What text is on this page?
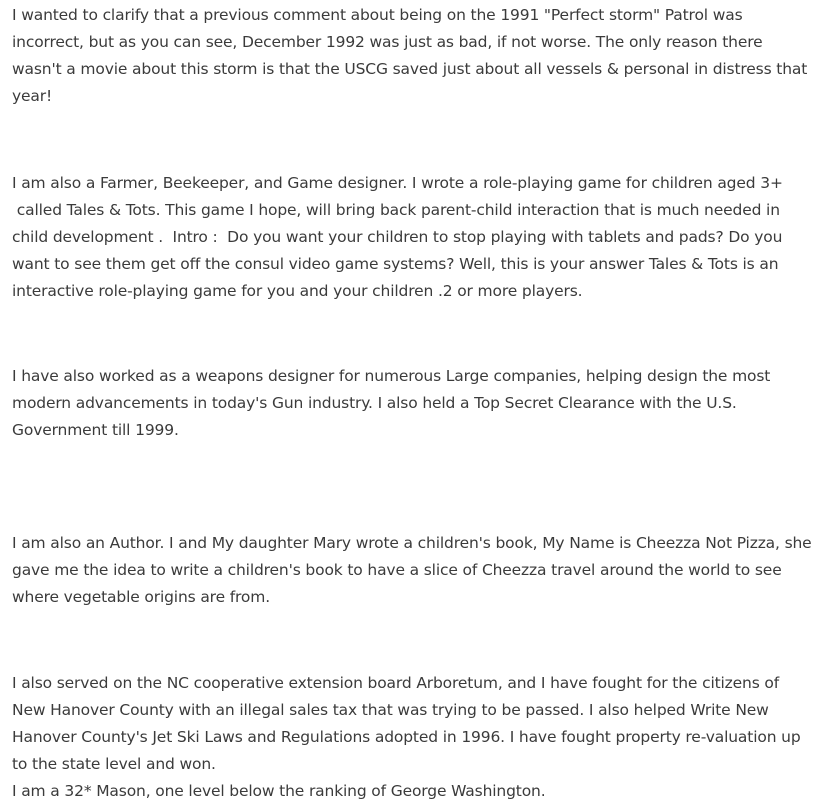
I wanted to clarify that a previous comment about being on the 1991 "Perfect storm" Patrol was incorrect, but as you can see, December 1992 was just as bad, if not worse. The only reason there wasn't a movie about this storm is that the USCG saved just about all vessels & personal in distress that year!

I am also a Farmer, Beekeeper, and Game designer. I wrote a role-playing game for children aged 3+  called Tales & Tots. This game I hope, will bring back parent-child interaction that is much needed in child development .  Intro :  Do you want your children to stop playing with tablets and pads? Do you want to see them get off the consul video game systems? Well, this is your answer Tales & Tots is an interactive role-playing game for you and your children .2 or more players.

I have also worked as a weapons designer for numerous Large companies, helping design the most modern advancements in today's Gun industry. I also held a Top Secret Clearance with the U.S. Government till 1999.

I am also an Author. I and My daughter Mary wrote a children's book, My Name is Cheezza Not Pizza, she gave me the idea to write a children's book to have a slice of Cheezza travel around the world to see where vegetable origins are from.

I also served on the NC cooperative extension board Arboretum, and I have fought for the citizens of New Hanover County with an illegal sales tax that was trying to be passed. I also helped Write New Hanover County's Jet Ski Laws and Regulations adopted in 1996. I have fought property re-valuation up to the state level and won.

I am a 32* Mason, one level below the ranking of George Washington.
